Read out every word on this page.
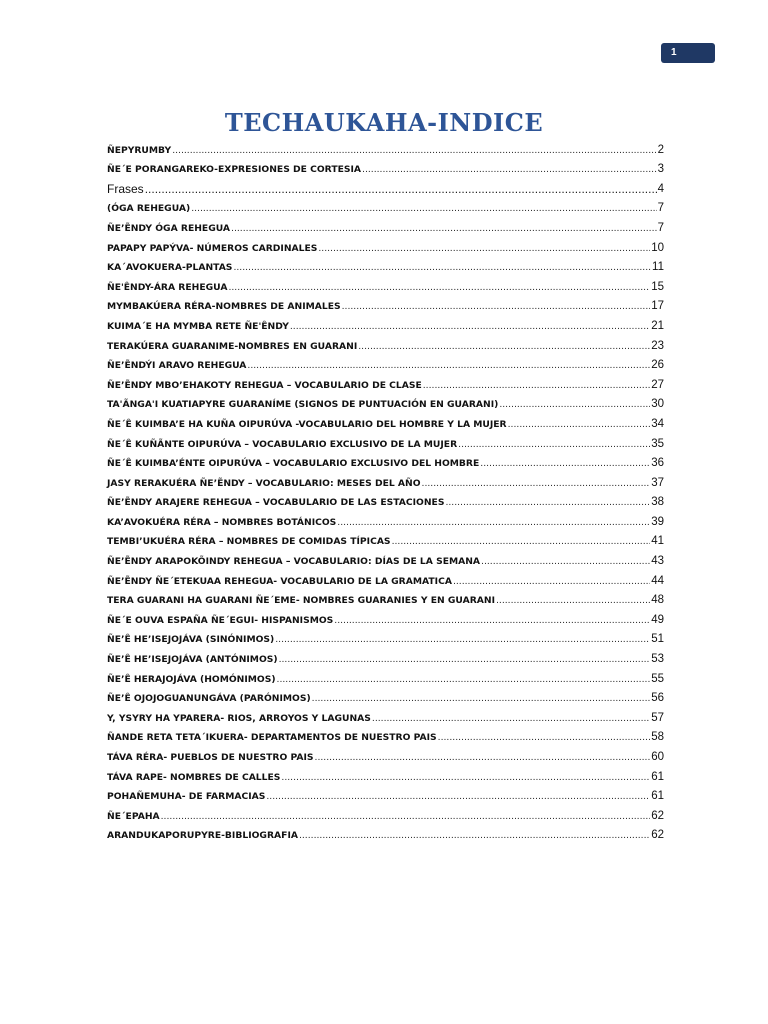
1
TECHAUKAHA-INDICE
ÑEPYRUMBY .....	2
ÑE´E PORANGAREKO-EXPRESIONES DE CORTESIA .....	3
Frases .....	4
(ÓGA REHEGUA) .....	7
ÑE’ẼNDY ÓGA REHEGUA .....	7
PAPAPY PAPÝVA- NÚMEROS CARDINALES .....	10
KA´AVOKUERA-PLANTAS .....	11
ÑE'ÊNDY-ÁRA REHEGUA .....	15
MYMBAKÚERA RÉRA-NOMBRES DE ANIMALES .....	17
KUIMA´E HA MYMBA RETE ÑE'ÊNDY .....	21
TERAKÚERA GUARANIME-NOMBRES EN GUARANI .....	23
ÑE’ẼNDÝI ARAVO REHEGUA .....	26
ÑE’ẼNDY MBO’EHAKOTY REHEGUA – VOCABULARIO DE CLASE .....	27
TA'ÃNGA'I KUATIAPYRE GUARANÍME (SIGNOS DE PUNTUACIÓN EN GUARANI) .....	30
ÑE´Ê KUIMBA’E HA KUÑA OIPURÚVA -VOCABULARIO DEL HOMBRE Y LA MUJER .....	34
ÑE´Ê KUÑÃNTE OIPURÚVA – VOCABULARIO EXCLUSIVO DE LA MUJER .....	35
ÑE´Ê KUIMBA’ÉNTE OIPURÚVA – VOCABULARIO EXCLUSIVO DEL HOMBRE .....	36
JASY RERAKUÉRA ÑE’ẼNDY – VOCABULARIO: MESES DEL AÑO .....	37
ÑE’ẼNDY ARAJERE REHEGUA – VOCABULARIO DE LAS ESTACIONES .....	38
KA’AVOKUÉRA RÉRA – NOMBRES BOTÁNICOS .....	39
TEMBI’UKUÉRA RÉRA – NOMBRES DE COMIDAS TÍPICAS .....	41
ÑE’ẼNDY ARAPOKÕINDY REHEGUA – VOCABULARIO: DÍAS DE LA SEMANA .....	43
ÑE’ẼNDY ÑE´ETEKUAA REHEGUA- VOCABULARIO DE LA GRAMATICA .....	44
TERA GUARANI HA GUARANI ÑE´EME- NOMBRES GUARANIES Y EN GUARANI .....	48
ÑE´E OUVA ESPAÑA ÑE´EGUI- HISPANISMOS .....	49
ÑE’Ê HE’ISEJOJÁVA (SINÓNIMOS) .....	51
ÑE’Ê HE’ISEJOJÁVA (ANTÓNIMOS) .....	53
ÑE’Ê HERAJOJÁVA (HOMÓNIMOS) .....	55
ÑE’Ê OJOJOGUANUNGÁVA (PARÓNIMOS) .....	56
Y, YSYRY HA YPARERA- RIOS, ARROYOS Y LAGUNAS .....	57
ÑANDE RETA TETA´IKUERA- DEPARTAMENTOS DE NUESTRO PAIS .....	58
TÁVA RÉRA- PUEBLOS DE NUESTRO PAIS .....	60
TÁVA RAPE- NOMBRES DE CALLES .....	61
POHAÑEMUHA- DE FARMACIAS .....	61
ÑE´EPAHA .....	62
ARANDUKAPORUPYRE-BIBLIOGRAFIA .....	62
